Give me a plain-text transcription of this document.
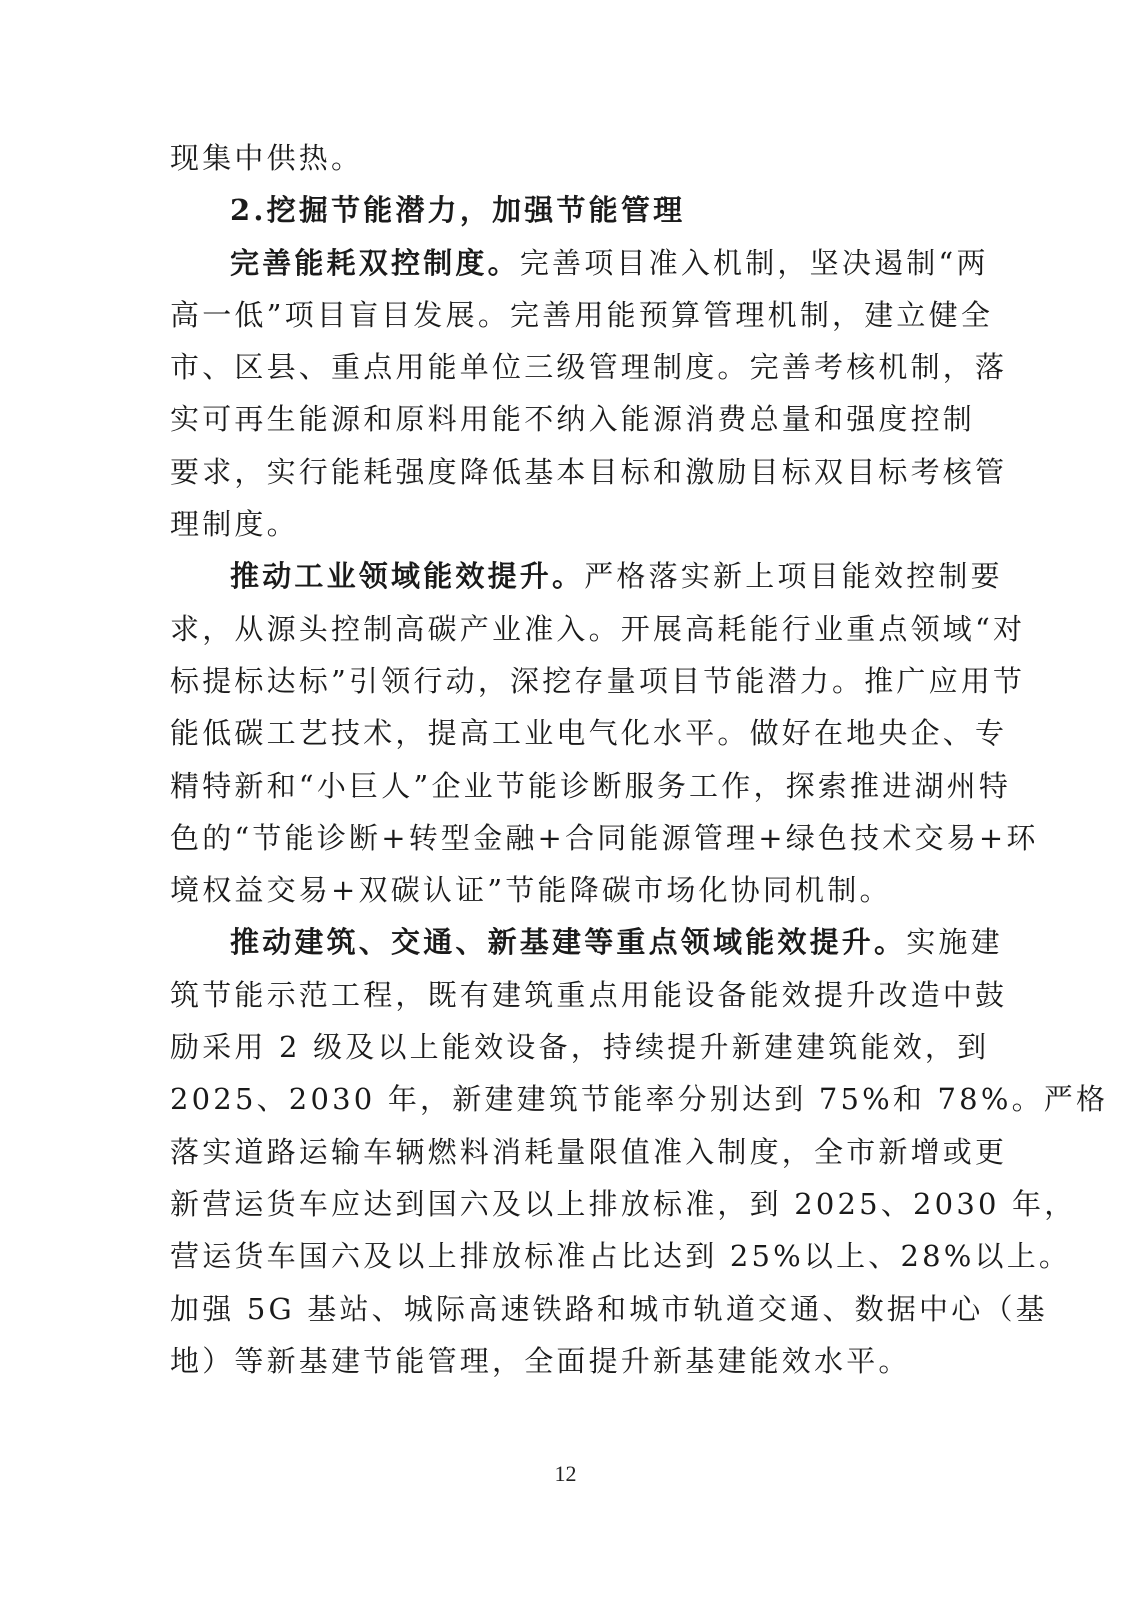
现集中供热。
2.挖掘节能潜力，加强节能管理
完善能耗双控制度。完善项目准入机制，坚决遏制“两
高一低”项目盲目发展。完善用能预算管理机制，建立健全
市、区县、重点用能单位三级管理制度。完善考核机制，落
实可再生能源和原料用能不纳入能源消费总量和强度控制
要求，实行能耗强度降低基本目标和激励目标双目标考核管
理制度。
推动工业领域能效提升。严格落实新上项目能效控制要
求，从源头控制高碳产业准入。开展高耗能行业重点领域“对
标提标达标”引领行动，深挖存量项目节能潜力。推广应用节
能低碳工艺技术，提高工业电气化水平。做好在地央企、专
精特新和“小巨人”企业节能诊断服务工作，探索推进湖州特
色的“节能诊断+转型金融+合同能源管理+绿色技术交易+环
境权益交易+双碳认证”节能降碳市场化协同机制。
推动建筑、交通、新基建等重点领域能效提升。实施建
筑节能示范工程，既有建筑重点用能设备能效提升改造中鼓
励采用 2 级及以上能效设备，持续提升新建建筑能效，到
2025、2030 年，新建建筑节能率分别达到 75%和 78%。严格
落实道路运输车辆燃料消耗量限值准入制度，全市新增或更
新营运货车应达到国六及以上排放标准，到 2025、2030 年，
营运货车国六及以上排放标准占比达到 25%以上、28%以上。
加强 5G 基站、城际高速铁路和城市轨道交通、数据中心（基
地）等新基建节能管理，全面提升新基建能效水平。
12
